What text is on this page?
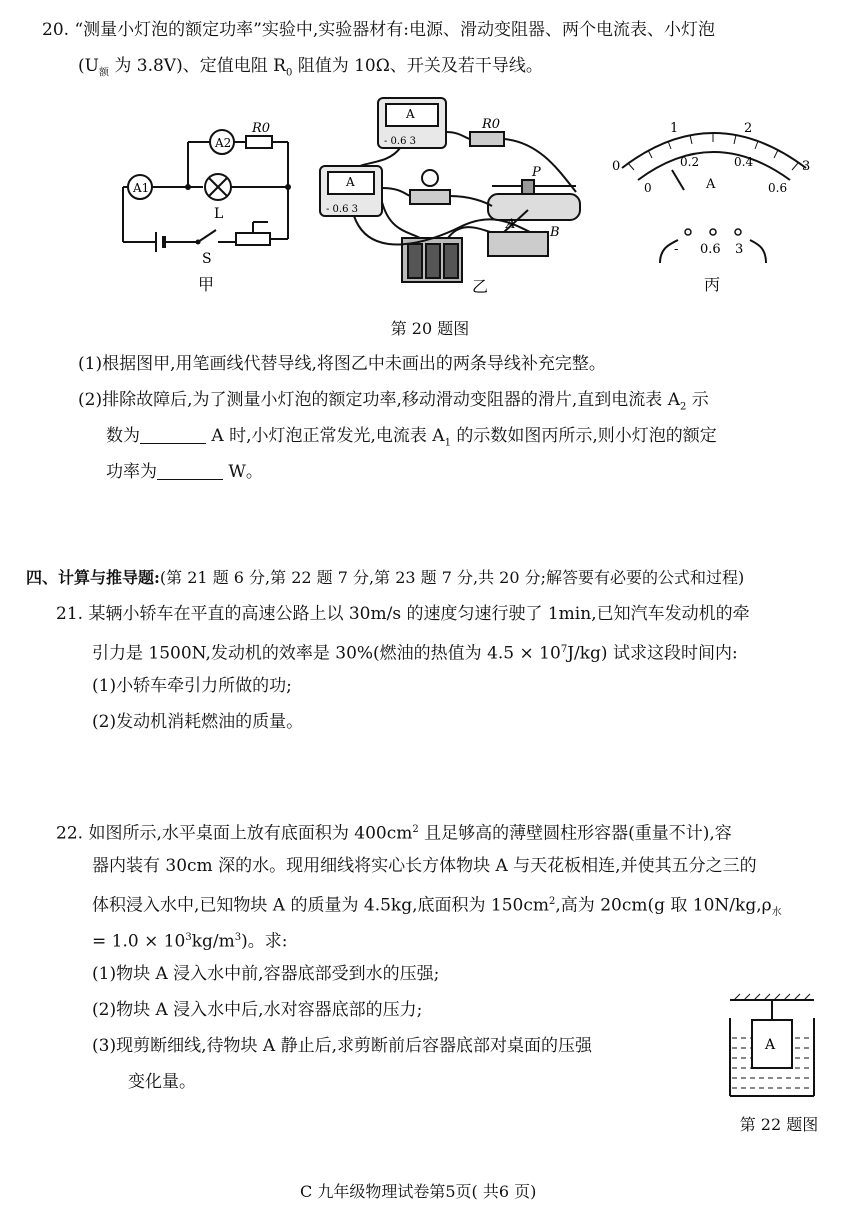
20. “测量小灯泡的额定功率”实验中,实验器材有:电源、滑动变阻器、两个电流表、小灯泡
($U_额$ 为 3.8V)、定值电阻 $R_0$ 阻值为 10Ω、开关及若干导线。
A1
A2
R0
L
S
甲
A
- 0.6 3
A
- 0.6 3
R0
P
A
B
乙
0
1	2
3
0
0.2	0.4
0.6
A
- 0.6 3
丙
第 20 题图
(1)根据图甲,用笔画线代替导线,将图乙中未画出的两条导线补充完整。
(2)排除故障后,为了测量小灯泡的额定功率,移动滑动变阻器的滑片,直到电流表 $A_2$ 示
数为	A 时,小灯泡正常发光,电流表 $A_1$ 的示数如图丙所示,则小灯泡的额定
功率为	W。
四、计算与推导题:(第 21 题 6 分,第 22 题 7 分,第 23 题 7 分,共 20 分;解答要有必要的公式和过程)
21. 某辆小轿车在平直的高速公路上以 30m/s 的速度匀速行驶了 1min,已知汽车发动机的牵
引力是 1500N,发动机的效率是 30%(燃油的热值为 $4.5 \times 10^7J/kg$) 试求这段时间内:
(1)小轿车牵引力所做的功;
(2)发动机消耗燃油的质量。
22. 如图所示,水平桌面上放有底面积为 $400cm^2$ 且足够高的薄壁圆柱形容器(重量不计),容
器内装有 30cm 深的水。现用细线将实心长方体物块 A 与天花板相连,并使其五分之三的
体积浸入水中,已知物块 A 的质量为 4.5kg,底面积为 $150cm^2$,高为 20cm(g 取 $10N/kg,\rho_水$
= $1.0 \times 10^3kg/m^3$)。求:
(1)物块 A 浸入水中前,容器底部受到水的压强;
(2)物块 A 浸入水中后,水对容器底部的压力;
(3)现剪断细线,待物块 A 静止后,求剪断前后容器底部对桌面的压强
变化量。
A
第 22 题图
C 九年级物理试卷第5页( 共6 页)
